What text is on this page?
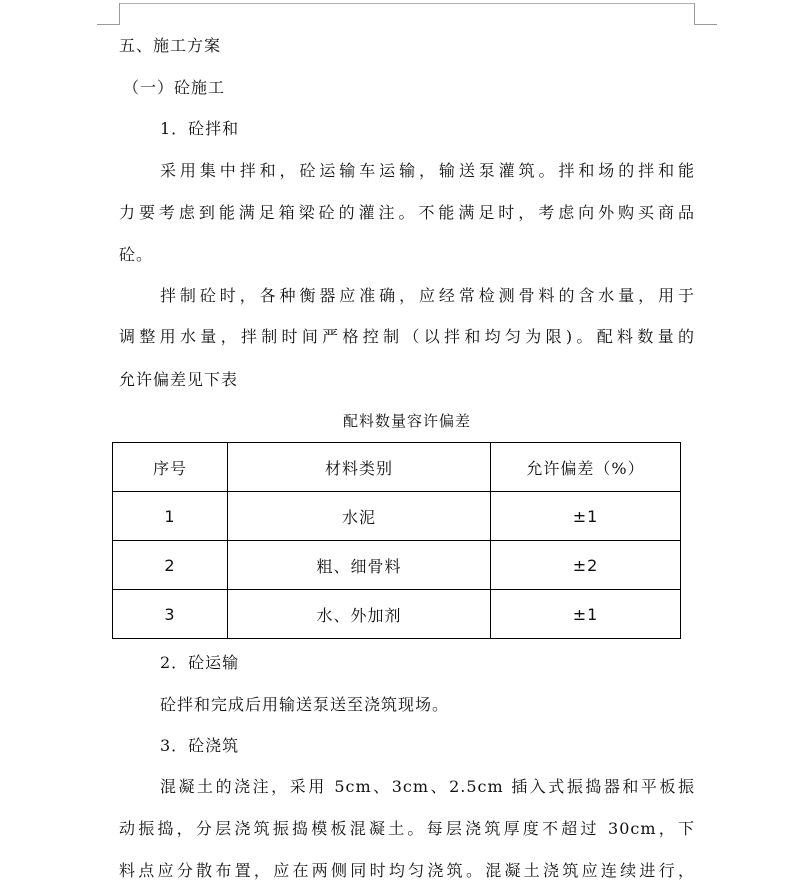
五、施工方案
（一）砼施工
1．砼拌和
采用集中拌和，砼运输车运输，输送泵灌筑。拌和场的拌和能
力要考虑到能满足箱梁砼的灌注。不能满足时，考虑向外购买商品
砼。
拌制砼时，各种衡器应准确，应经常检测骨料的含水量，用于
调整用水量，拌制时间严格控制（以拌和均匀为限)。配料数量的
允许偏差见下表
配料数量容许偏差
序号	材料类别	允许偏差（%）
1	水泥	±1
2	粗、细骨料	±2
3	水、外加剂	±1
2．砼运输
砼拌和完成后用输送泵送至浇筑现场。
3．砼浇筑
混凝土的浇注，采用 5cm、3cm、2.5cm 插入式振捣器和平板振
动振捣，分层浇筑振捣模板混凝土。每层浇筑厚度不超过 30cm，下
料点应分散布置，应在两侧同时均匀浇筑。混凝土浇筑应连续进行，
